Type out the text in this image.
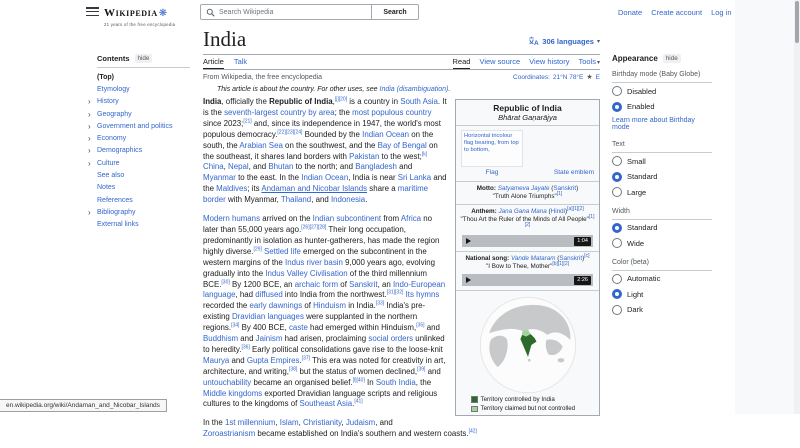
Wikipedia❋
21 years of the free encyclopedia
Search Wikipedia	Search	Donate Create account Log in
Contents	hide
(Top)
Etymology
› History
› Geography
› Government and politics
› Economy
› Demographics
› Culture
See also
Notes
References
› Bibliography
External links
India	A 306 languages ▾
Article Talk	Read View source View history Tools▾
From Wikipedia, the free encyclopedia	Coordinates: 21°N 78°E ★ E
This article is about the country. For other uses, see India (disambiguation).
Republic of India
Bhārat Gaṇarājya
Horizontal tricolour flag bearing, from top to bottom,
Flag	State emblem
Motto: Satyameva Jayate (Sanskrit)
"Truth Alone Triumphs"[1]
Anthem: Jana Gana Mana (Hindi)[a][1][2]
"Thou Art the Ruler of the Minds of All People"[1][2]
1:04
National song: Vande Mataram (Sanskrit)[c]
"I Bow to Thee, Mother"[b][1][2]
2:26
Territory controlled by India
Territory claimed but not controlled

India, officially the Republic of India,[j][20] is a country in South Asia. It is the seventh-largest country by area; the most populous country since 2023;[21] and, since its independence in 1947, the world's most populous democracy.[22][23][24] Bounded by the Indian Ocean on the south, the Arabian Sea on the southwest, and the Bay of Bengal on the southeast, it shares land borders with Pakistan to the west;[k] China, Nepal, and Bhutan to the north; and Bangladesh and Myanmar to the east. In the Indian Ocean, India is near Sri Lanka and the Maldives; its Andaman and Nicobar Islands share a maritime border with Myanmar, Thailand, and Indonesia.

Modern humans arrived on the Indian subcontinent from Africa no later than 55,000 years ago.[26][27][28] Their long occupation, predominantly in isolation as hunter-gatherers, has made the region highly diverse.[29] Settled life emerged on the subcontinent in the western margins of the Indus river basin 9,000 years ago, evolving gradually into the Indus Valley Civilisation of the third millennium BCE.[30] By 1200 BCE, an archaic form of Sanskrit, an Indo-European language, had diffused into India from the northwest.[31][32] Its hymns recorded the early dawnings of Hinduism in India.[33] India's pre-existing Dravidian languages were supplanted in the northern regions.[34] By 400 BCE, caste had emerged within Hinduism,[35] and Buddhism and Jainism had arisen, proclaiming social orders unlinked to heredity.[36] Early political consolidations gave rise to the loose-knit Maurya and Gupta Empires.[37] This era was noted for creativity in art, architecture, and writing,[38] but the status of women declined,[39] and untouchability became an organised belief.[l][40] In South India, the Middle kingdoms exported Dravidian language scripts and religious cultures to the kingdoms of Southeast Asia.[41]

In the 1st millennium, Islam, Christianity, Judaism, and Zoroastrianism became established on India's southern and western coasts.[42]

Appearance	hide
Birthday mode (Baby Globe)
Disabled
Enabled
Learn more about Birthday mode
Text
Small
Standard
Large
Width
Standard
Wide
Color (beta)
Automatic
Light
Dark
en.wikipedia.org/wiki/Andaman_and_Nicobar_Islands
